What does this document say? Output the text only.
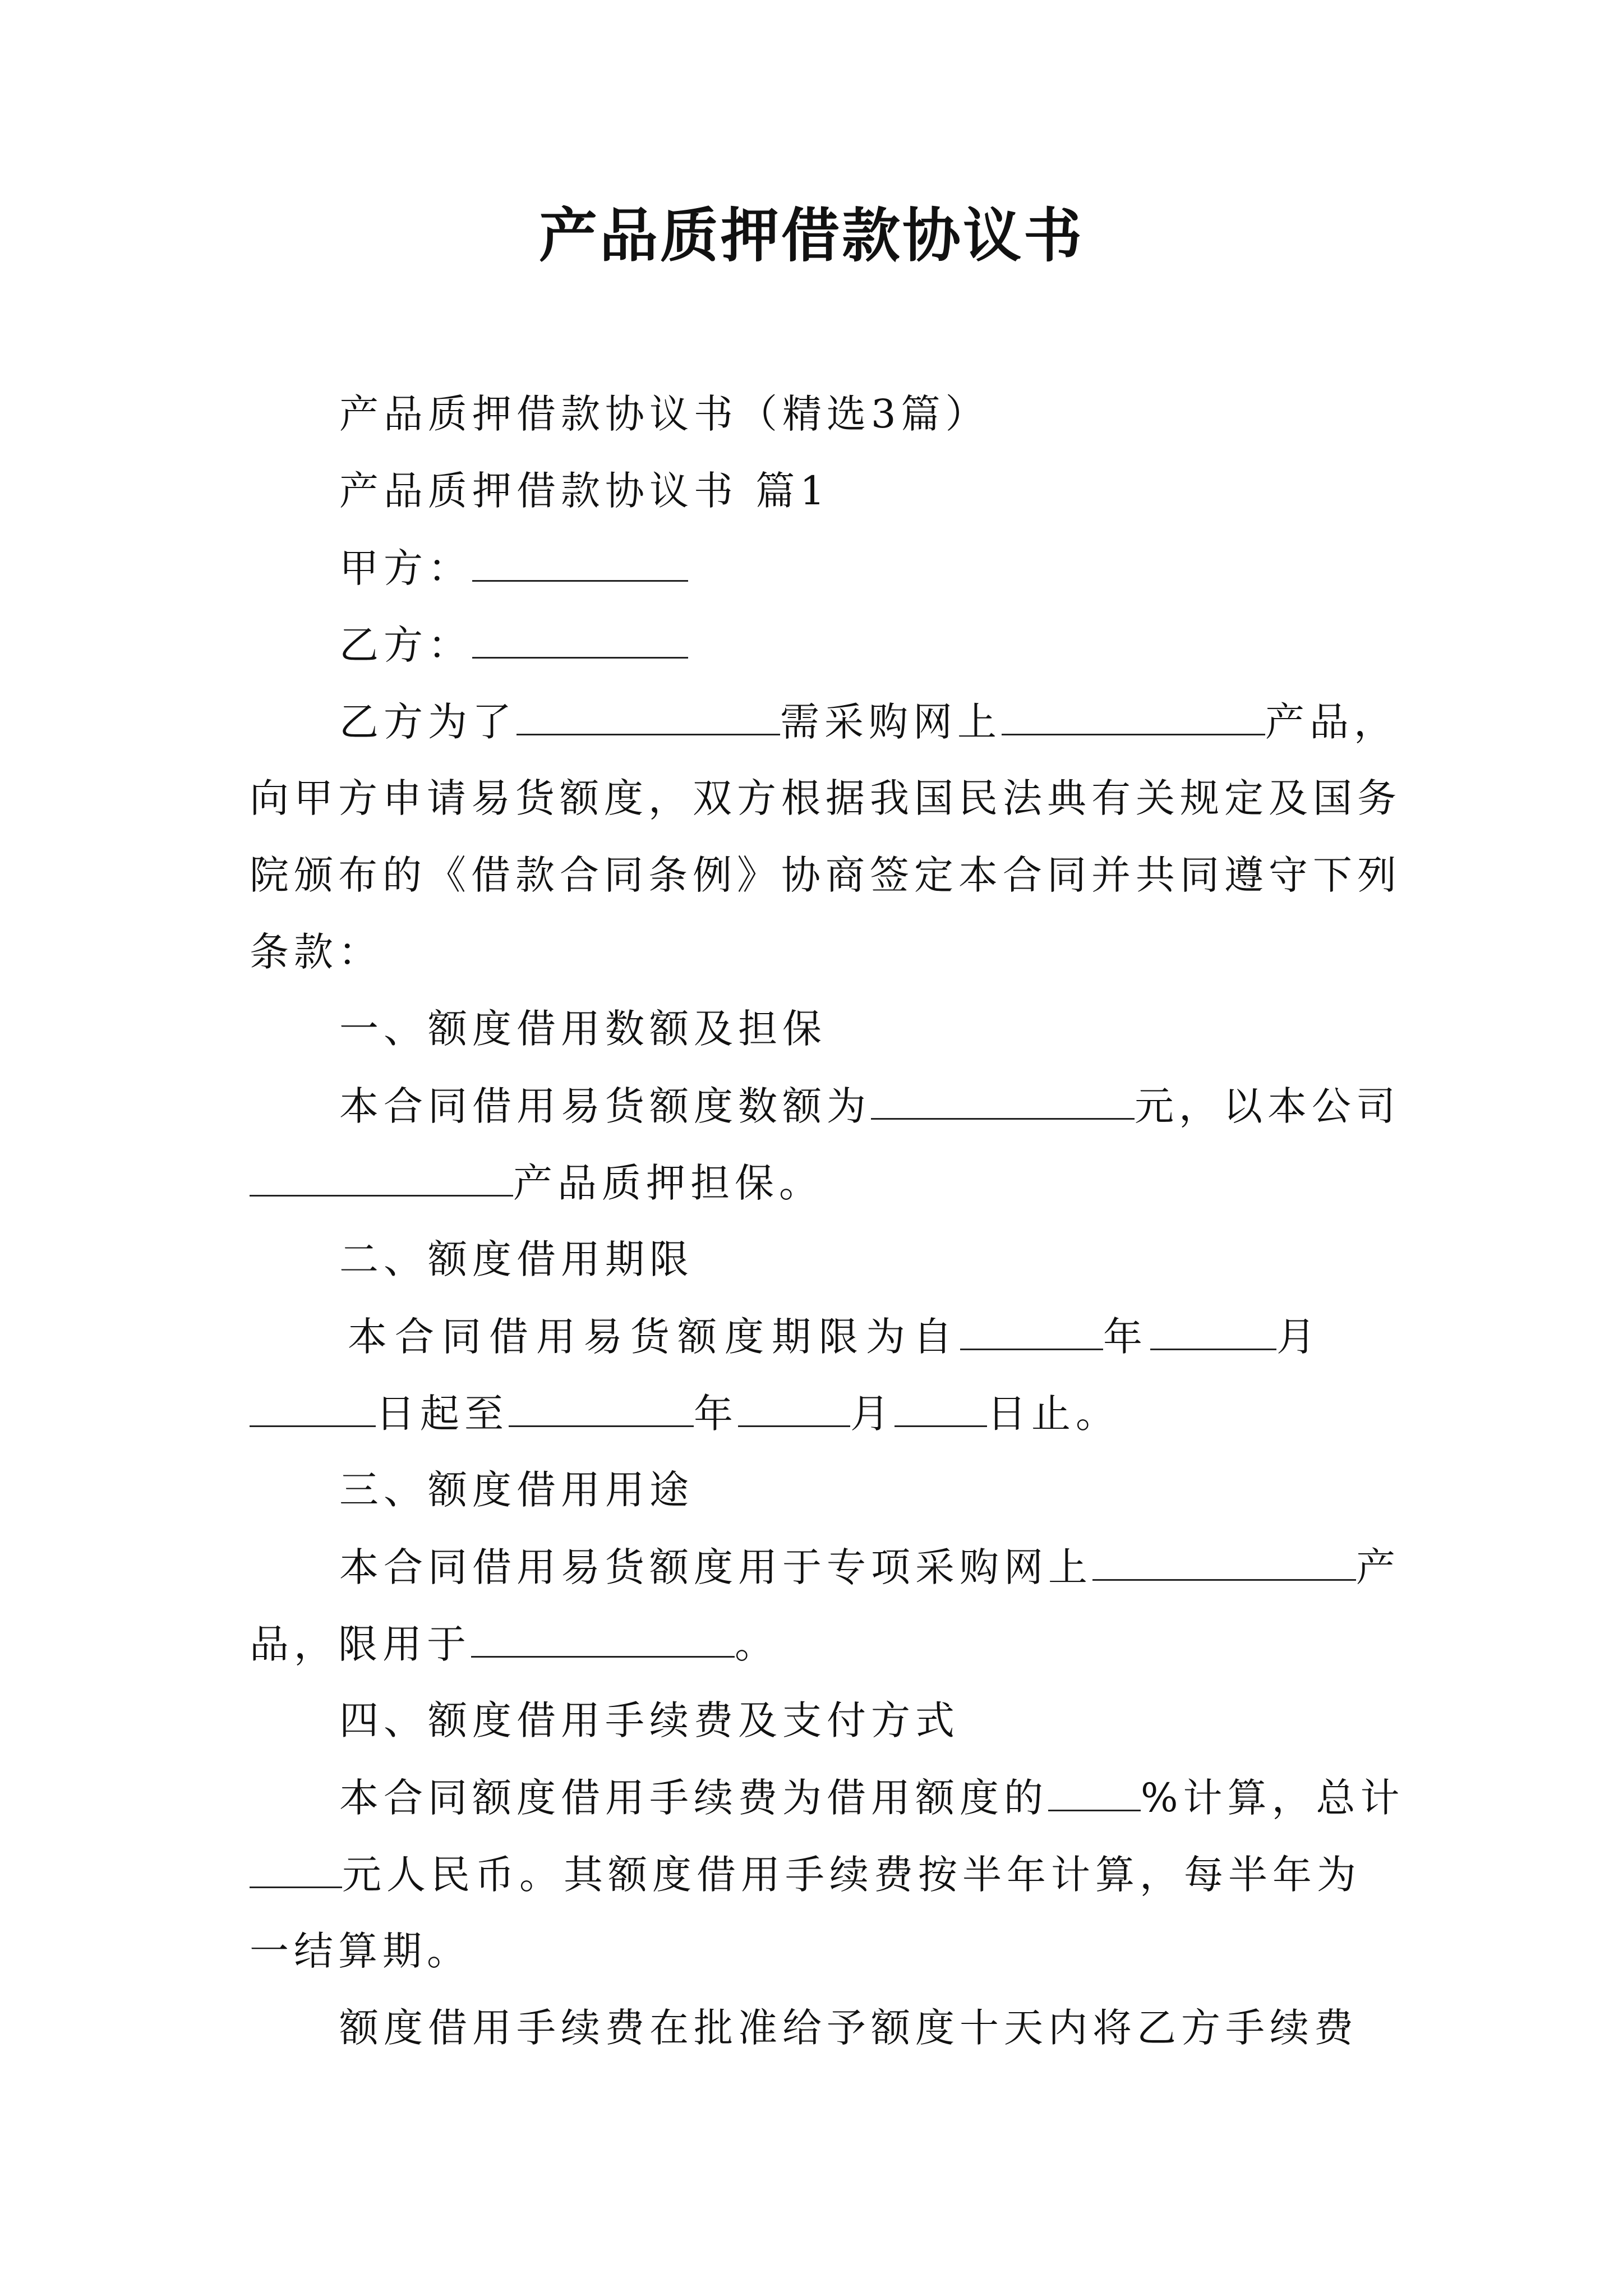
产品质押借款协议书

产品质押借款协议书（精选3篇）

产品质押借款协议书 篇1

甲方：

乙方：

乙方为了	需采购网上	产品，

向甲方申请易货额度，双方根据我国民法典有关规定及国务

院颁布的《借款合同条例》协商签定本合同并共同遵守下列

条款：

一、额度借用数额及担保

本合同借用易货额度数额为	元，以本公司

产品质押担保。

二、额度借用期限

本合同借用易货额度期限为自	年	月

日起至	年	月 日止。

三、额度借用用途

本合同借用易货额度用于专项采购网上	产

品，限用于	。

四、额度借用手续费及支付方式

本合同额度借用手续费为借用额度的 %计算，总计

元人民币。其额度借用手续费按半年计算，每半年为

一结算期。

额度借用手续费在批准给予额度十天内将乙方手续费
